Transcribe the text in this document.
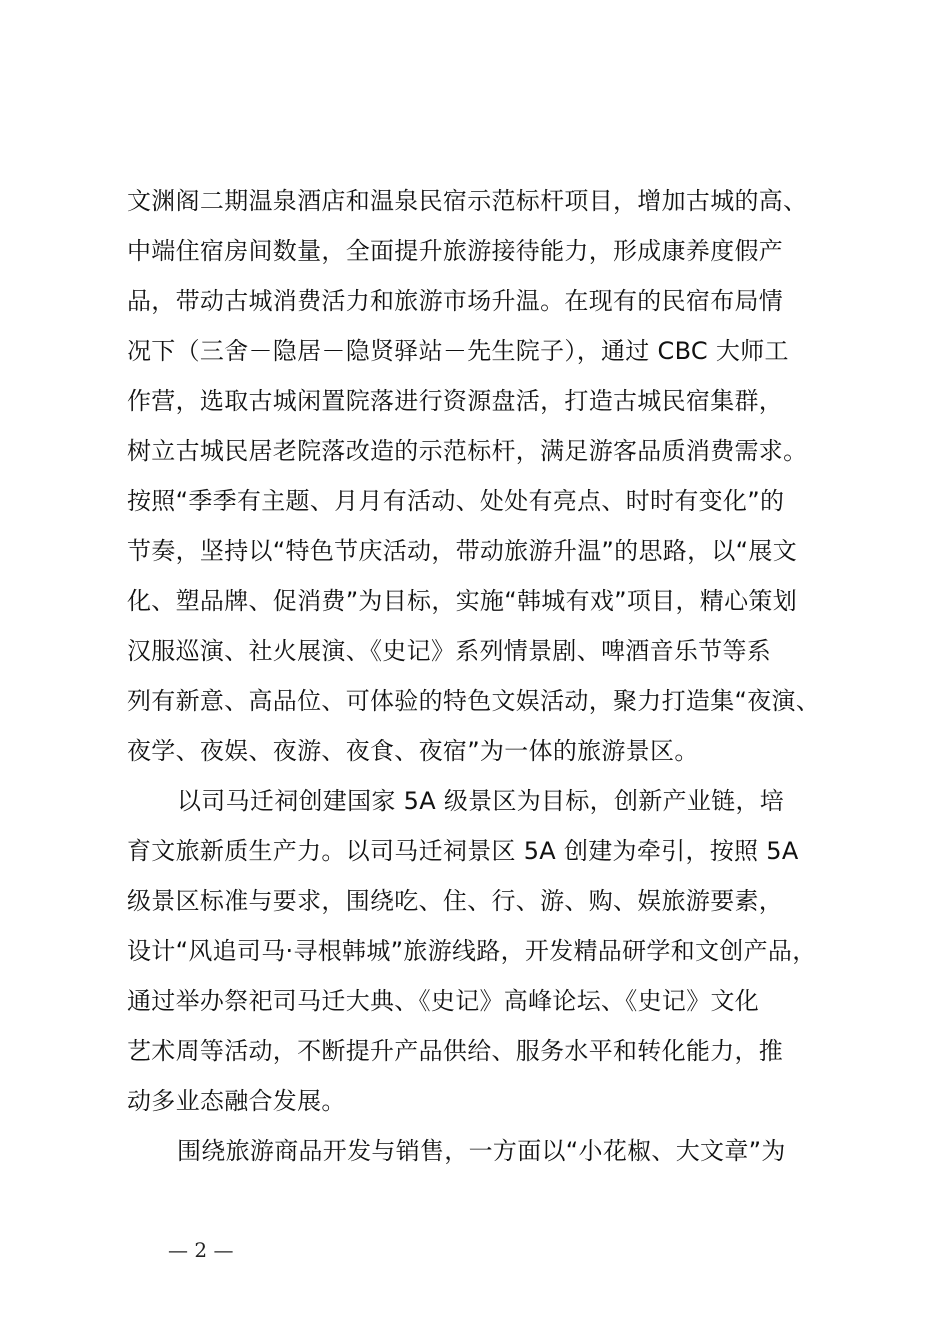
文渊阁二期温泉酒店和温泉民宿示范标杆项目，增加古城的高、
中端住宿房间数量，全面提升旅游接待能力，形成康养度假产
品，带动古城消费活力和旅游市场升温。在现有的民宿布局情
况下（三舍－隐居－隐贤驿站－先生院子），通过 CBC 大师工
作营，选取古城闲置院落进行资源盘活，打造古城民宿集群，
树立古城民居老院落改造的示范标杆，满足游客品质消费需求。
按照“季季有主题、月月有活动、处处有亮点、时时有变化”的
节奏，坚持以“特色节庆活动，带动旅游升温”的思路，以“展文
化、塑品牌、促消费”为目标，实施“韩城有戏”项目，精心策划
汉服巡演、社火展演、《史记》系列情景剧、啤酒音乐节等系
列有新意、高品位、可体验的特色文娱活动，聚力打造集“夜演、
夜学、夜娱、夜游、夜食、夜宿”为一体的旅游景区。
以司马迁祠创建国家 5A 级景区为目标，创新产业链，培
育文旅新质生产力。以司马迁祠景区 5A 创建为牵引，按照 5A
级景区标准与要求，围绕吃、住、行、游、购、娱旅游要素，
设计“风追司马·寻根韩城”旅游线路，开发精品研学和文创产品，
通过举办祭祀司马迁大典、《史记》高峰论坛、《史记》文化
艺术周等活动，不断提升产品供给、服务水平和转化能力，推
动多业态融合发展。
围绕旅游商品开发与销售，一方面以“小花椒、大文章”为
— 2 —
